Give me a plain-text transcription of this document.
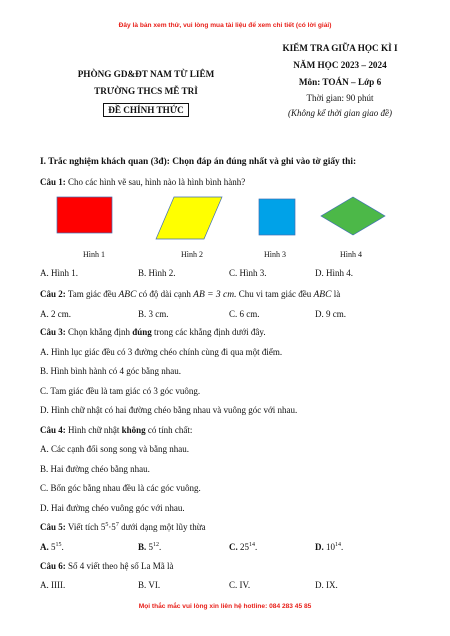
Đây là bản xem thử, vui lòng mua tài liệu để xem chi tiết (có lời giải)
PHÒNG GD&ĐT NAM TỪ LIÊM
TRƯỜNG THCS MỄ TRÌ
ĐỀ CHÍNH THỨC
KIỂM TRA GIỮA HỌC KÌ I
NĂM HỌC 2023 – 2024
Môn: TOÁN – Lớp 6
Thời gian: 90 phút
(Không kể thời gian giao đề)
I. Trắc nghiệm khách quan (3đ): Chọn đáp án đúng nhất và ghi vào tờ giấy thi:
Câu 1: Cho các hình vẽ sau, hình nào là hình bình hành?
Hình 1	Hình 2	Hình 3	Hình 4
A. Hình 1.	B. Hình 2.	C. Hình 3.	D. Hình 4.
Câu 2: Tam giác đều ABC có độ dài cạnh AB = 3 cm. Chu vi tam giác đều ABC là
A. 2 cm.	B. 3 cm.	C. 6 cm.	D. 9 cm.
Câu 3: Chọn khẳng định đúng trong các khẳng định dưới đây.
A. Hình lục giác đều có 3 đường chéo chính cùng đi qua một điểm.
B. Hình bình hành có 4 góc bằng nhau.
C. Tam giác đều là tam giác có 3 góc vuông.
D. Hình chữ nhật có hai đường chéo bằng nhau và vuông góc với nhau.
Câu 4: Hình chữ nhật không có tính chất:
A. Các cạnh đối song song và bằng nhau.
B. Hai đường chéo bằng nhau.
C. Bốn góc bằng nhau đều là các góc vuông.
D. Hai đường chéo vuông góc với nhau.
Câu 5: Viết tích $5^5\cdot 5^7$ dưới dạng một lũy thừa
A. $5^{15}$.	B. $5^{12}$.	C. $25^{14}$.	D. $10^{14}$.
Câu 6: Số 4 viết theo hệ số La Mã là
A. IIII.	B. VI.	C. IV.	D. IX.
Mọi thắc mắc vui lòng xin liên hệ hotline: 084 283 45 85
